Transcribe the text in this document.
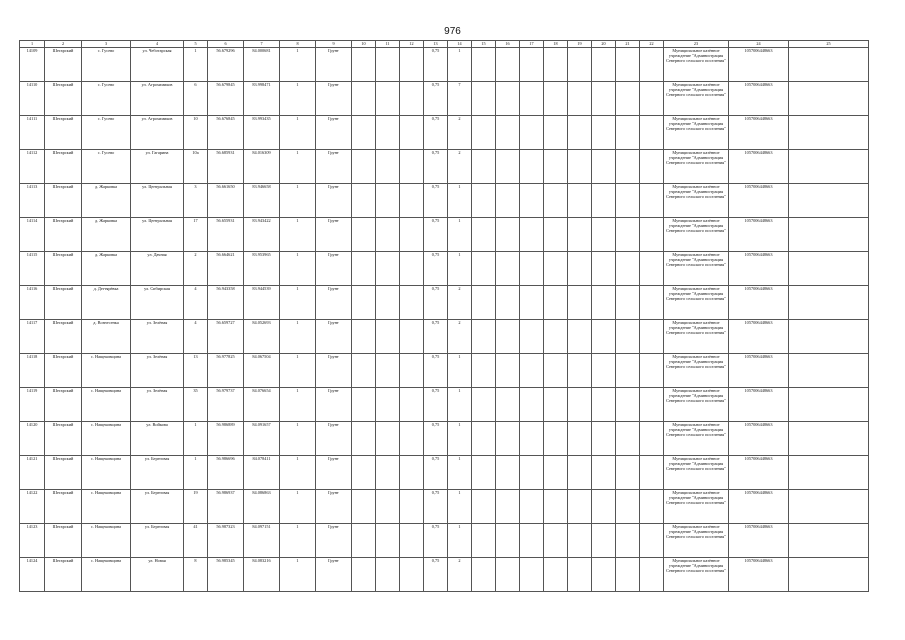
976
1	2	3	4	5	6	7	8	9	10	11	12	13	14	15	16	17	18	19	20	21	22	23	24	25
14109	Шегарский	с. Гусево	ул. Чеботарская	1	56.679296	84.000681	1	Грунт				0,75	1									Муниципальное казённое учреждение "Администрация Северного сельского поселения"	1057006448663	
14110	Шегарский	с. Гусево	ул. Агрохимиков	6	56.679845	83.998471	1	Грунт				0,75	7									Муниципальное казённое учреждение "Администрация Северного сельского поселения"	1057006448663	
14111	Шегарский	с. Гусево	ул. Агрохимиков	10	56.676845	83.993435	1	Грунт				0,75	2									Муниципальное казённое учреждение "Администрация Северного сельского поселения"	1057006448663	
14112	Шегарский	с. Гусево	ул. Гагарина	10а	56.685931	84.016309	1	Грунт				0,75	2									Муниципальное казённое учреждение "Администрация Северного сельского поселения"	1057006448663	
14113	Шегарский	д. Жарковка	ул. Центральная	3	56.661650	83.946658	1	Грунт				0,75	1									Муниципальное казённое учреждение "Администрация Северного сельского поселения"	1057006448663	
14114	Шегарский	д. Жарковка	ул. Центральная	17	56.655931	83.943422	1	Грунт				0,75	1									Муниципальное казённое учреждение "Администрация Северного сельского поселения"	1057006448663	
14115	Шегарский	д. Жарковка	ул. Дачная	2	56.664621	83.953965	1	Грунт				0,75	1									Муниципальное казённое учреждение "Администрация Северного сельского поселения"	1057006448663	
14116	Шегарский	д. Дегтярёвка	ул. Сибирская	4	56.943358	83.944539	1	Грунт				0,75	2									Муниципальное казённое учреждение "Администрация Северного сельского поселения"	1057006448663	
14117	Шегарский	д. Вознесенка	ул. Зелёная	4	56.659727	84.052693	1	Грунт				0,75	2									Муниципальное казённое учреждение "Администрация Северного сельского поселения"	1057006448663	
14118	Шегарский	с. Нащековщина	ул. Зелёная	13	56.977825	84.067504	1	Грунт				0,75	1									Муниципальное казённое учреждение "Администрация Северного сельского поселения"	1057006448663	
14119	Шегарский	с. Нащековщина	ул. Зелёная	35	56.979737	84.076654	1	Грунт				0,75	1									Муниципальное казённое учреждение "Администрация Северного сельского поселения"	1057006448663	
14120	Шегарский	с. Нащековщина	ул. Войкова	1	56.986889	84.091657	1	Грунт				0,75	1									Муниципальное казённое учреждение "Администрация Северного сельского поселения"	1057006448663	
14121	Шегарский	с. Нащековщина	ул. Береговая	1	56.986696	84.078411	1	Грунт				0,75	1									Муниципальное казённое учреждение "Администрация Северного сельского поселения"	1057006448663	
14122	Шегарский	с. Нащековщина	ул. Береговая	19	56.986937	84.086863	1	Грунт				0,75	1									Муниципальное казённое учреждение "Администрация Северного сельского поселения"	1057006448663	
14123	Шегарский	с. Нащековщина	ул. Береговая	41	56.987323	84.097151	1	Грунт				0,75	1									Муниципальное казённое учреждение "Администрация Северного сельского поселения"	1057006448663	
14124	Шегарский	с. Нащековщина	ул. Новая	8	56.985345	84.083216	1	Грунт				0,75	2									Муниципальное казённое учреждение "Администрация Северного сельского поселения"	1057006448663	
